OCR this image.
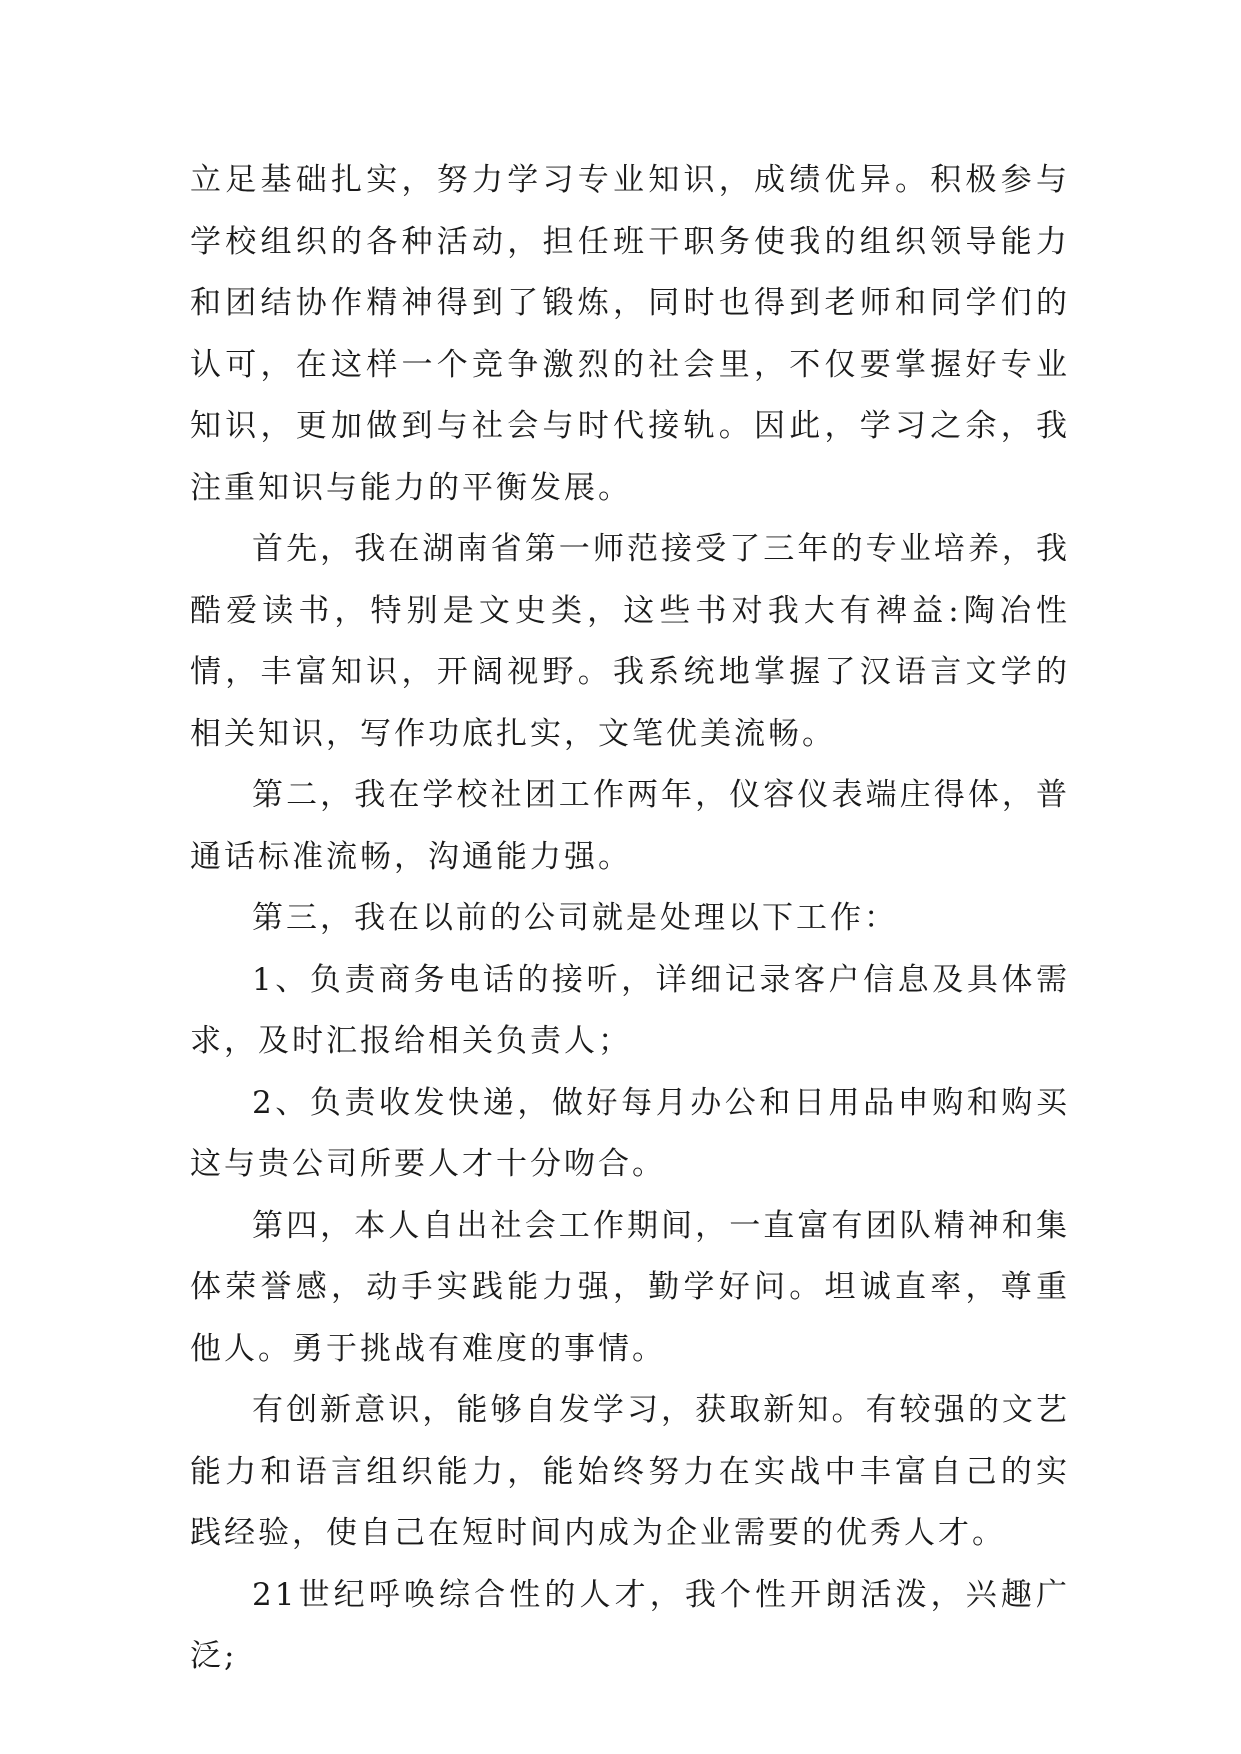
立足基础扎实，努力学习专业知识，成绩优异。积极参与学校组织的各种活动，担任班干职务使我的组织领导能力和团结协作精神得到了锻炼，同时也得到老师和同学们的认可，在这样一个竞争激烈的社会里，不仅要掌握好专业知识，更加做到与社会与时代接轨。因此，学习之余，我注重知识与能力的平衡发展。

首先，我在湖南省第一师范接受了三年的专业培养，我酷爱读书，特别是文史类，这些书对我大有裨益:陶冶性情，丰富知识，开阔视野。我系统地掌握了汉语言文学的相关知识，写作功底扎实，文笔优美流畅。

第二，我在学校社团工作两年，仪容仪表端庄得体，普通话标准流畅，沟通能力强。

第三，我在以前的公司就是处理以下工作：

1、负责商务电话的接听，详细记录客户信息及具体需求，及时汇报给相关负责人；

2、负责收发快递，做好每月办公和日用品申购和购买这与贵公司所要人才十分吻合。

第四，本人自出社会工作期间，一直富有团队精神和集体荣誉感，动手实践能力强，勤学好问。坦诚直率，尊重他人。勇于挑战有难度的事情。

有创新意识，能够自发学习，获取新知。有较强的文艺能力和语言组织能力，能始终努力在实战中丰富自己的实践经验，使自己在短时间内成为企业需要的优秀人才。

21世纪呼唤综合性的人才，我个性开朗活泼，兴趣广泛;
